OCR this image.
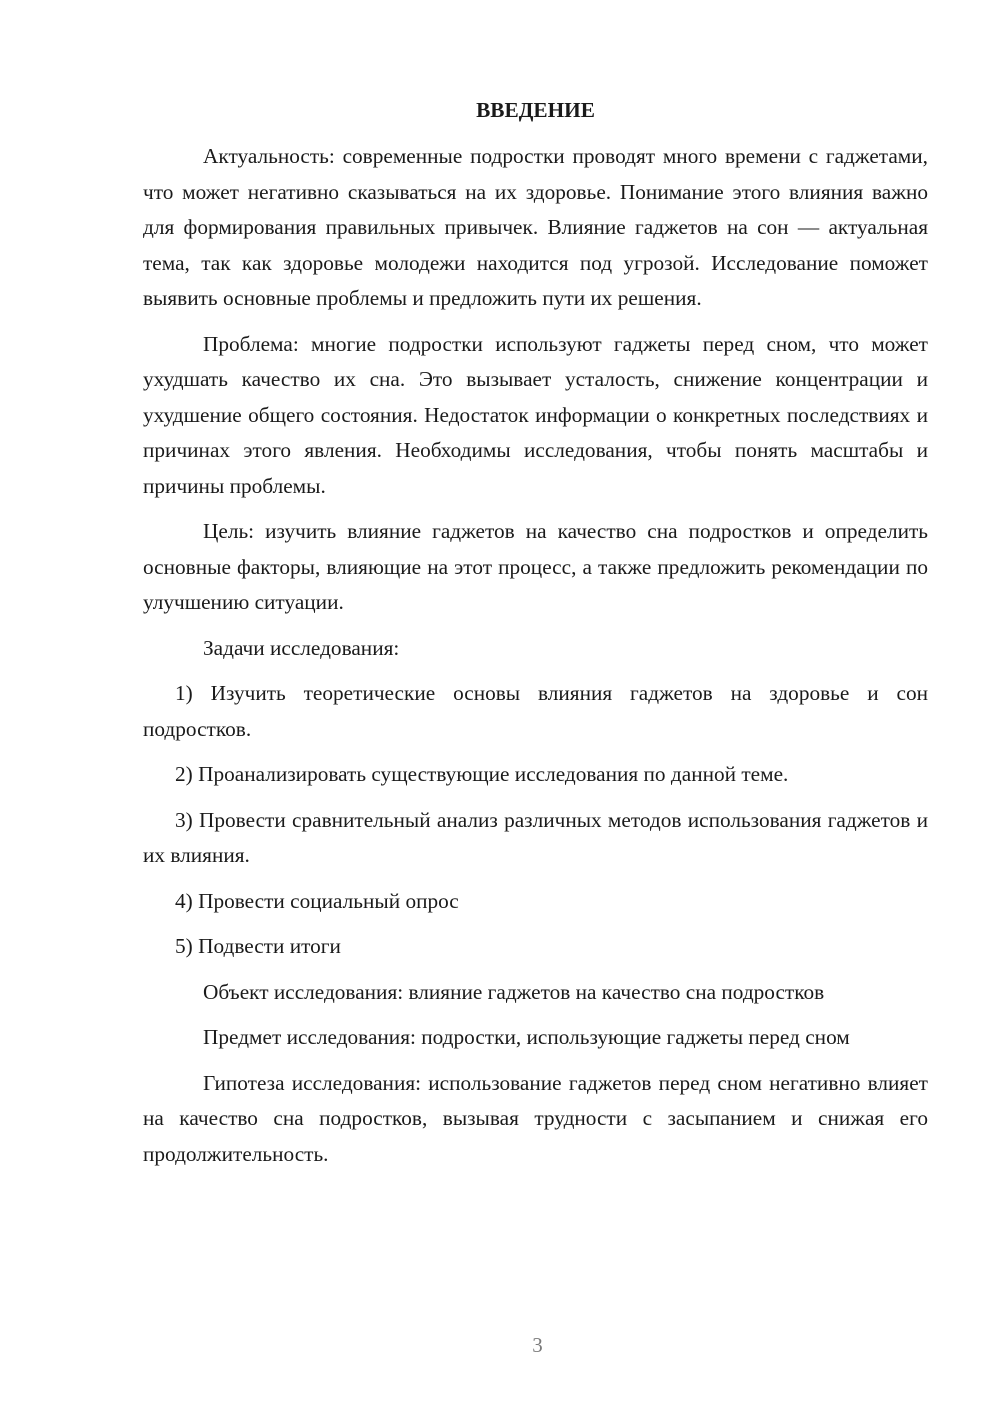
ВВЕДЕНИЕ

Актуальность: современные подростки проводят много времени с гаджетами, что может негативно сказываться на их здоровье. Понимание этого влияния важно для формирования правильных привычек. Влияние гаджетов на сон — актуальная тема, так как здоровье молодежи находится под угрозой. Исследование поможет выявить основные проблемы и предложить пути их решения.

Проблема: многие подростки используют гаджеты перед сном, что может ухудшать качество их сна. Это вызывает усталость, снижение концентрации и ухудшение общего состояния. Недостаток информации о конкретных последствиях и причинах этого явления. Необходимы исследования, чтобы понять масштабы и причины проблемы.

Цель: изучить влияние гаджетов на качество сна подростков и определить основные факторы, влияющие на этот процесс, а также предложить рекомендации по улучшению ситуации.

Задачи исследования:

1) Изучить теоретические основы влияния гаджетов на здоровье и сон подростков.

2) Проанализировать существующие исследования по данной теме.

3) Провести сравнительный анализ различных методов использования гаджетов и их влияния.

4) Провести социальный опрос

5) Подвести итоги

Объект исследования: влияние гаджетов на качество сна подростков

Предмет исследования: подростки, использующие гаджеты перед сном

Гипотеза исследования: использование гаджетов перед сном негативно влияет на качество сна подростков, вызывая трудности с засыпанием и снижая его продолжительность.

3
